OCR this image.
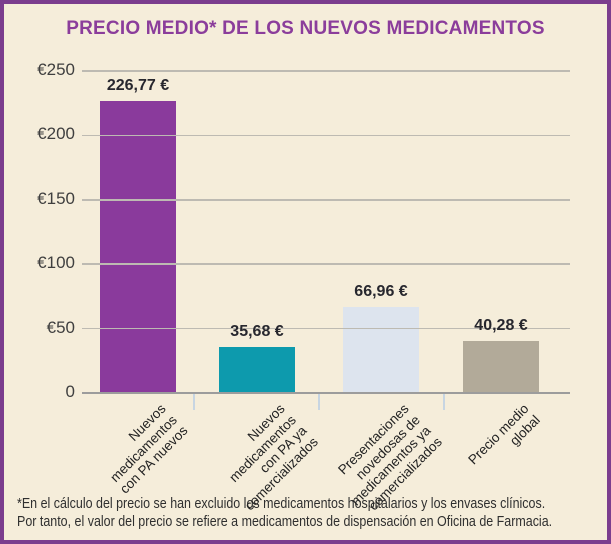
PRECIO MEDIO* DE LOS NUEVOS MEDICAMENTOS
€250
€200
€150
€100
€50
0
226,77 €
35,68 €
66,96 €
40,28 €
Nuevos
medicamentos
con PA nuevos
Nuevos
medicamentos
con PA ya
comercializados	Presentaciones
novedosas de
medicamentos ya
comercializados	Precio medio
global
*En el cálculo del precio se han excluido los medicamentos hospitalarios y los envases clínicos.
Por tanto, el valor del precio se refiere a medicamentos de dispensación en Oficina de Farmacia.
